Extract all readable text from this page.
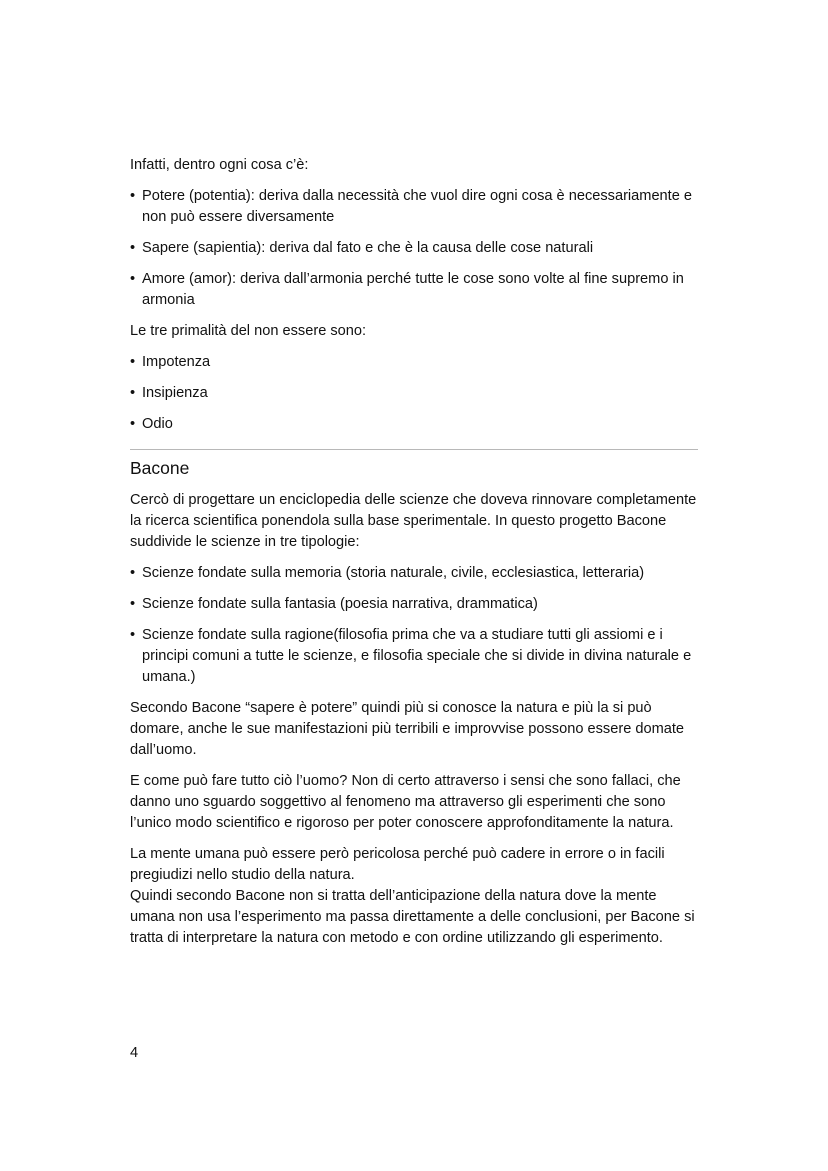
Infatti, dentro ogni cosa c’è:

• Potere (potentia): deriva dalla necessità che vuol dire ogni cosa è necessariamente e non può essere diversamente
• Sapere (sapientia): deriva dal fato e che è la causa delle cose naturali
• Amore (amor): deriva dall’armonia perché tutte le cose sono volte al fine supremo in armonia

Le tre primalità del non essere sono:

• Impotenza
• Insipienza
• Odio
Bacone

Cercò di progettare un enciclopedia delle scienze che doveva rinnovare completamente la ricerca scientifica ponendola sulla base sperimentale. In questo progetto Bacone suddivide le scienze in tre tipologie:

• Scienze fondate sulla memoria (storia naturale, civile, ecclesiastica, letteraria)
• Scienze fondate sulla fantasia (poesia narrativa, drammatica)
• Scienze fondate sulla ragione(filosofia prima che va a studiare tutti gli assiomi e i principi comuni a tutte le scienze, e filosofia speciale che si divide in divina naturale e umana.)

Secondo Bacone “sapere è potere” quindi più si conosce la natura e più la si può domare, anche le sue manifestazioni più terribili e improvvise possono essere domate dall’uomo.

E come può fare tutto ciò l’uomo? Non di certo attraverso i sensi che sono fallaci, che danno uno sguardo soggettivo al fenomeno ma attraverso gli esperimenti che sono l’unico modo scientifico e rigoroso per poter conoscere approfonditamente la natura.

La mente umana può essere però pericolosa perché può cadere in errore o in facili pregiudizi nello studio della natura.

Quindi secondo Bacone non si tratta dell’anticipazione della natura dove la mente umana non usa l’esperimento ma passa direttamente a delle conclusioni, per Bacone si tratta di interpretare la natura con metodo e con ordine utilizzando gli esperimento.

4
